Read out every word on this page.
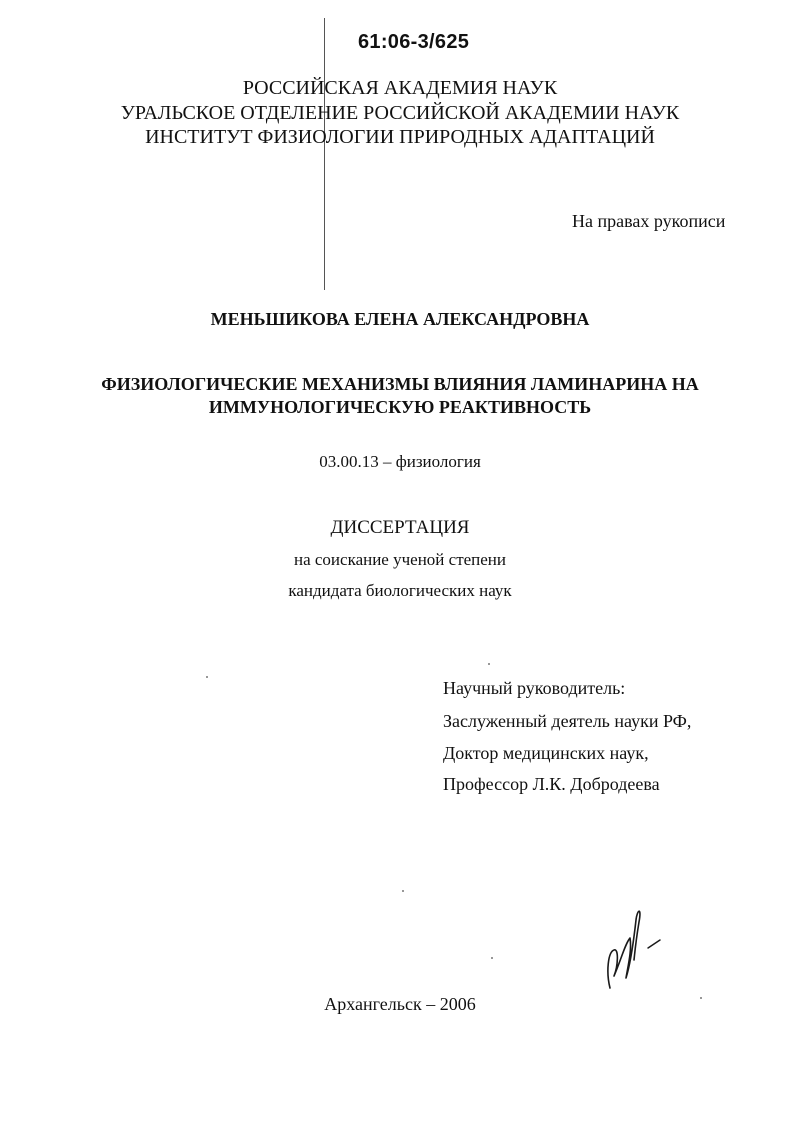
61:06-3/625
РОССИЙСКАЯ АКАДЕМИЯ НАУК
УРАЛЬСКОЕ ОТДЕЛЕНИЕ РОССИЙСКОЙ АКАДЕМИИ НАУК
ИНСТИТУТ ФИЗИОЛОГИИ ПРИРОДНЫХ АДАПТАЦИЙ
На правах рукописи
МЕНЬШИКОВА ЕЛЕНА АЛЕКСАНДРОВНА
ФИЗИОЛОГИЧЕСКИЕ МЕХАНИЗМЫ ВЛИЯНИЯ ЛАМИНАРИНА НА
ИММУНОЛОГИЧЕСКУЮ РЕАКТИВНОСТЬ
03.00.13 – физиология
ДИССЕРТАЦИЯ
на соискание ученой степени
кандидата биологических наук
Научный руководитель:
Заслуженный деятель науки РФ,
Доктор медицинских наук,
Профессор Л.К. Добродеева
Архангельск – 2006
